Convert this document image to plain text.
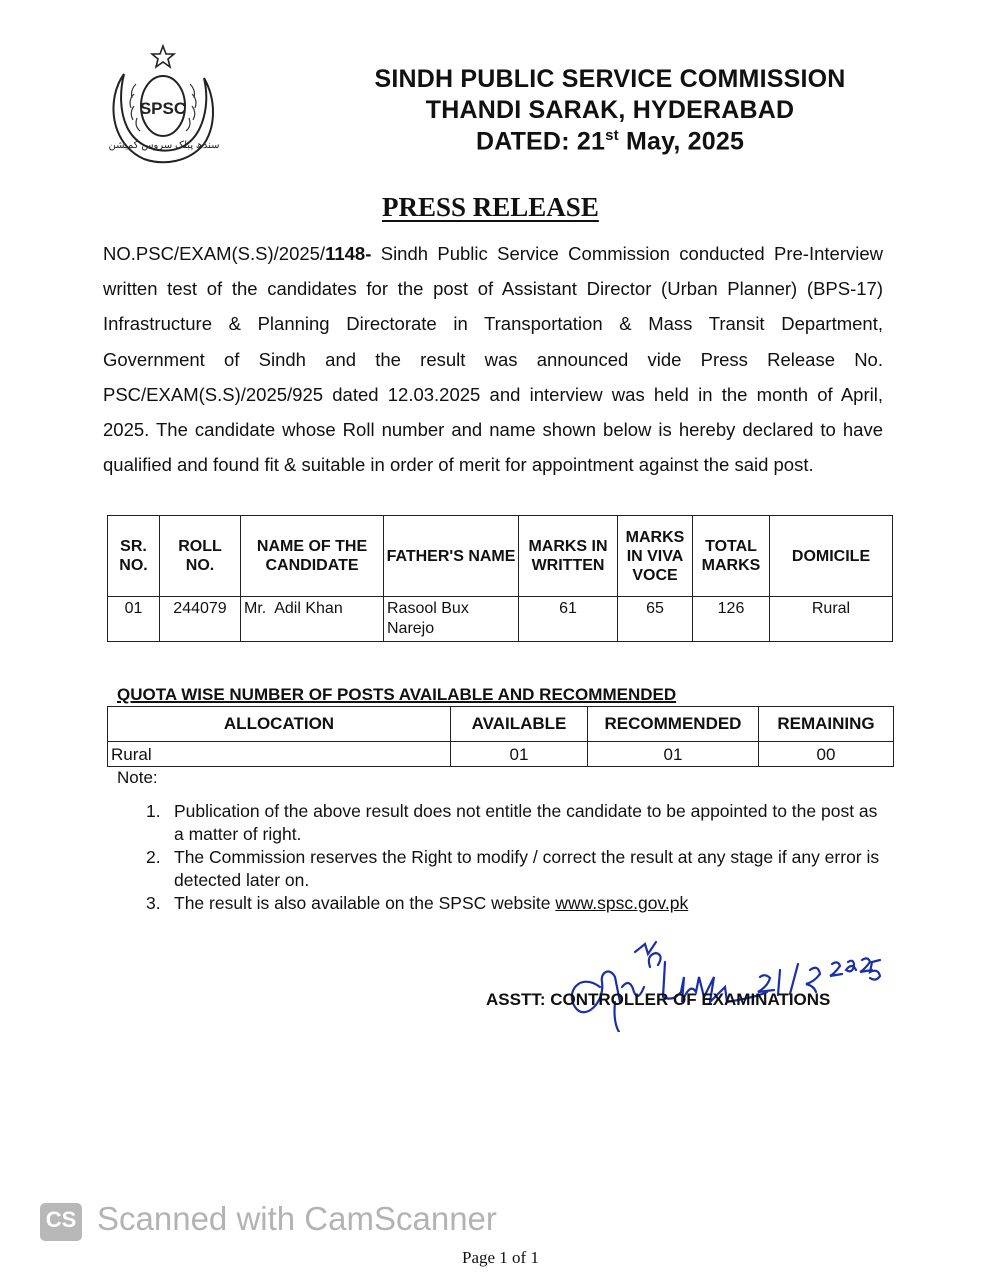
SPSC
سندھ پبلک سروس کمیشن
SINDH PUBLIC SERVICE COMMISSION
THANDI SARAK, HYDERABAD
DATED: 21st May, 2025
PRESS RELEASE
NO.PSC/EXAM(S.S)/2025/1148- Sindh Public Service Commission conducted Pre-Interview written test of the candidates for the post of Assistant Director (Urban Planner) (BPS-17) Infrastructure & Planning Directorate in Transportation & Mass Transit Department, Government of Sindh and the result was announced vide Press Release No. PSC/EXAM(S.S)/2025/925 dated 12.03.2025 and interview was held in the month of April, 2025. The candidate whose Roll number and name shown below is hereby declared to have qualified and found fit & suitable in order of merit for appointment against the said post.
SR. NO.	ROLL NO.	NAME OF THE CANDIDATE	FATHER'S NAME	MARKS IN WRITTEN	MARKS IN VIVA VOCE	TOTAL MARKS	DOMICILE
01	244079	Mr.  Adil Khan	Rasool Bux Narejo	61	65	126	Rural
QUOTA WISE NUMBER OF POSTS AVAILABLE AND RECOMMENDED
ALLOCATION	AVAILABLE	RECOMMENDED	REMAINING
Rural	01	01	00
Note:
1. Publication of the above result does not entitle the candidate to be appointed to the post as a matter of right.
2. The Commission reserves the Right to modify / correct the result at any stage if any error is detected later on.
3. The result is also available on the SPSC website www.spsc.gov.pk
ASSTT: CONTROLLER OF EXAMINATIONS
CS Scanned with CamScanner
Page 1 of 1
